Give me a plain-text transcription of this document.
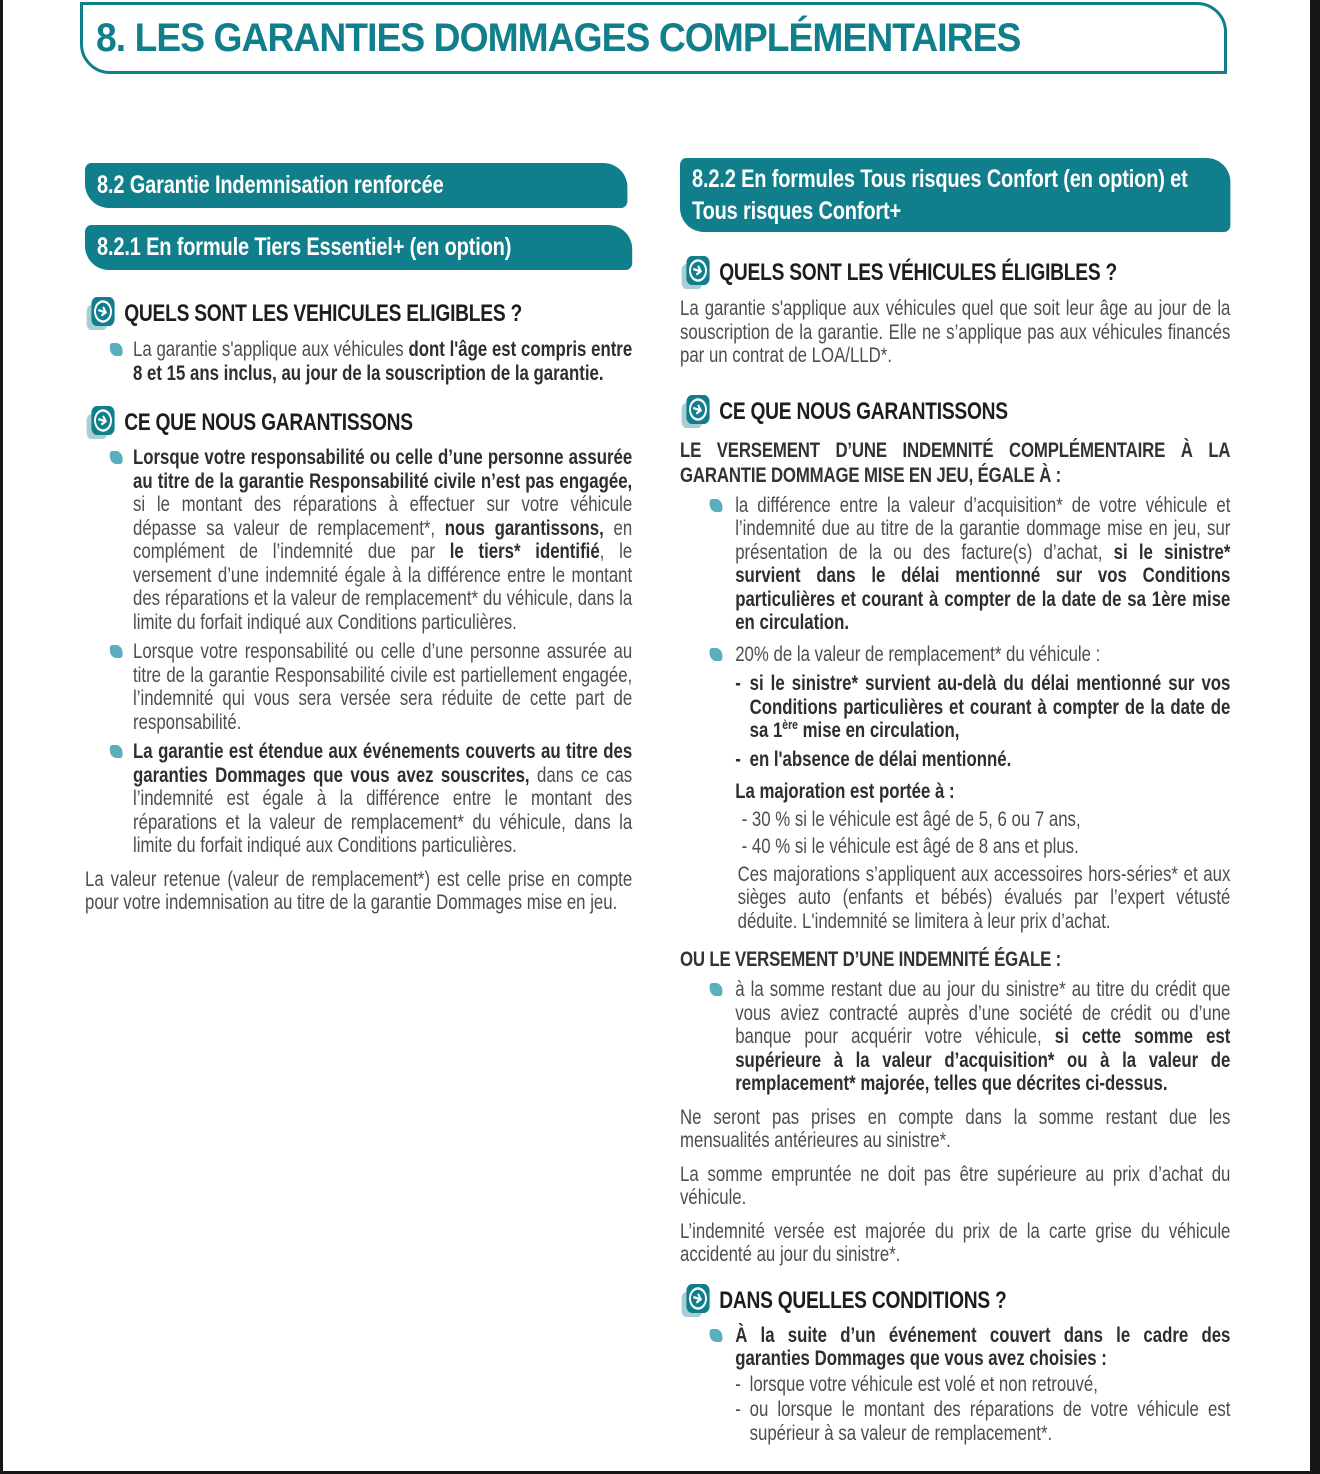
8. LES GARANTIES DOMMAGES COMPLÉMENTAIRES
8.2 Garantie Indemnisation renforcée
8.2.1 En formule Tiers Essentiel+ (en option)
QUELS SONT LES VEHICULES ELIGIBLES ?
La garantie s'applique aux véhicules dont l'âge est compris entre 8 et 15 ans inclus, au jour de la souscription de la garantie.
CE QUE NOUS GARANTISSONS
Lorsque votre responsabilité ou celle d’une personne assurée au titre de la garantie Responsabilité civile n’est pas engagée, si le montant des réparations à effectuer sur votre véhicule dépasse sa valeur de remplacement*, nous garantissons, en complément de l’indemnité due par le tiers* identifié, le versement d’une indemnité égale à la différence entre le montant des réparations et la valeur de remplacement* du véhicule, dans la limite du forfait indiqué aux Conditions particulières.
Lorsque votre responsabilité ou celle d’une personne assurée au titre de la garantie Responsabilité civile est partiellement engagée, l’indemnité qui vous sera versée sera réduite de cette part de responsabilité.
La garantie est étendue aux événements couverts au titre des garanties Dommages que vous avez souscrites, dans ce cas l’indemnité est égale à la différence entre le montant des réparations et la valeur de remplacement* du véhicule, dans la limite du forfait indiqué aux Conditions particulières.
La valeur retenue (valeur de remplacement*) est celle prise en compte pour votre indemnisation au titre de la garantie Dommages mise en jeu.
8.2.2 En formules Tous risques Confort (en option) et Tous risques Confort+
QUELS SONT LES VÉHICULES ÉLIGIBLES ?
La garantie s'applique aux véhicules quel que soit leur âge au jour de la souscription de la garantie. Elle ne s’applique pas aux véhicules financés par un contrat de LOA/LLD*.
CE QUE NOUS GARANTISSONS
LE VERSEMENT D’UNE INDEMNITÉ COMPLÉMENTAIRE À LA GARANTIE DOMMAGE MISE EN JEU, ÉGALE À :
la différence entre la valeur d’acquisition* de votre véhicule et l’indemnité due au titre de la garantie dommage mise en jeu, sur présentation de la ou des facture(s) d’achat, si le sinistre* survient dans le délai mentionné sur vos Conditions particulières et courant à compter de la date de sa 1ère mise en circulation.
20% de la valeur de remplacement* du véhicule :
- si le sinistre* survient au-delà du délai mentionné sur vos Conditions particulières et courant à compter de la date de sa 1ère mise en circulation,
- en l'absence de délai mentionné.
La majoration est portée à :
- 30 % si le véhicule est âgé de 5, 6 ou 7 ans,
- 40 % si le véhicule est âgé de 8 ans et plus.
Ces majorations s’appliquent aux accessoires hors-séries* et aux sièges auto (enfants et bébés) évalués par l’expert vétusté déduite. L'indemnité se limitera à leur prix d’achat.
OU LE VERSEMENT D’UNE INDEMNITÉ ÉGALE :
à la somme restant due au jour du sinistre* au titre du crédit que vous aviez contracté auprès d’une société de crédit ou d’une banque pour acquérir votre véhicule, si cette somme est supérieure à la valeur d’acquisition* ou à la valeur de remplacement* majorée, telles que décrites ci-dessus.
Ne seront pas prises en compte dans la somme restant due les mensualités antérieures au sinistre*.
La somme empruntée ne doit pas être supérieure au prix d’achat du véhicule.
L’indemnité versée est majorée du prix de la carte grise du véhicule accidenté au jour du sinistre*.
DANS QUELLES CONDITIONS ?
À la suite d’un événement couvert dans le cadre des garanties Dommages que vous avez choisies :
- lorsque votre véhicule est volé et non retrouvé,
- ou lorsque le montant des réparations de votre véhicule est supérieur à sa valeur de remplacement*.
